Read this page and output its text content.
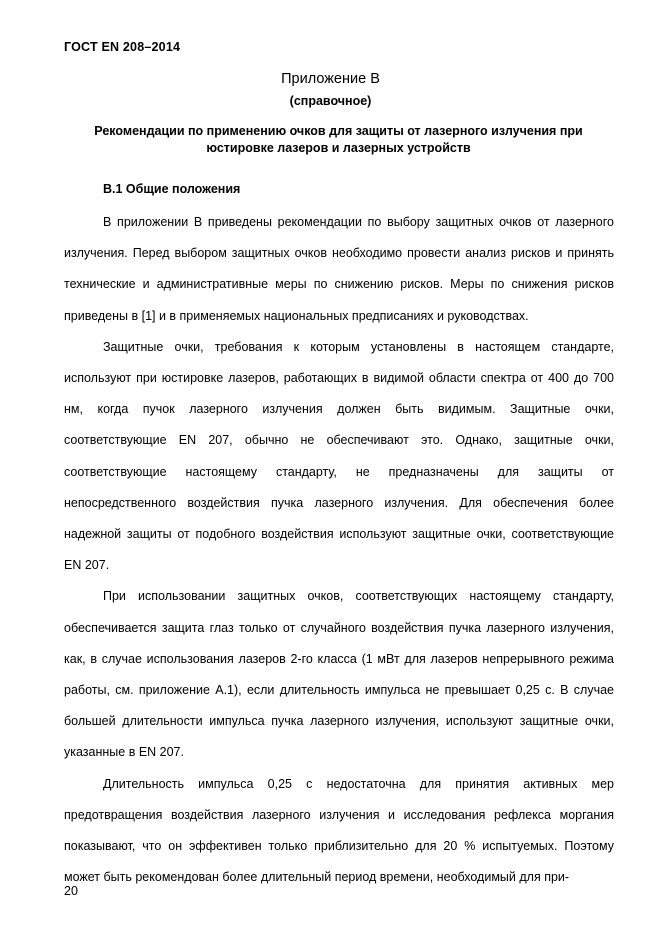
ГОСТ EN 208–2014
Приложение B
(справочное)
Рекомендации по применению очков для защиты от лазерного излучения при юстировке лазеров и лазерных устройств
B.1 Общие положения

В приложении B приведены рекомендации по выбору защитных очков от лазерного излучения. Перед выбором защитных очков необходимо провести анализ рисков и принять технические и административные меры по снижению рисков. Меры по снижения рисков приведены в [1] и в применяемых национальных предписаниях и руководствах.

Защитные очки, требования к которым установлены в настоящем стандарте, используют при юстировке лазеров, работающих в видимой области спектра от 400 до 700 нм, когда пучок лазерного излучения должен быть видимым. Защитные очки, соответствующие EN 207, обычно не обеспечивают это. Однако, защитные очки, соответствующие настоящему стандарту, не предназначены для защиты от непосредственного воздействия пучка лазерного излучения. Для обеспечения более надежной защиты от подобного воздействия используют защитные очки, соответствующие EN 207.

При использовании защитных очков, соответствующих настоящему стандарту, обеспечивается защита глаз только от случайного воздействия пучка лазерного излучения, как, в случае использования лазеров 2-го класса (1 мВт для лазеров непрерывного режима работы, см. приложение A.1), если длительность импульса не превышает 0,25 с. В случае большей длительности импульса пучка лазерного излучения, используют защитные очки, указанные в EN 207.

Длительность импульса 0,25 с недостаточна для принятия активных мер предотвращения воздействия лазерного излучения и исследования рефлекса моргания показывают, что он эффективен только приблизительно для 20 % испытуемых. Поэтому может быть рекомендован более длительный период времени, необходимый для при-

20
